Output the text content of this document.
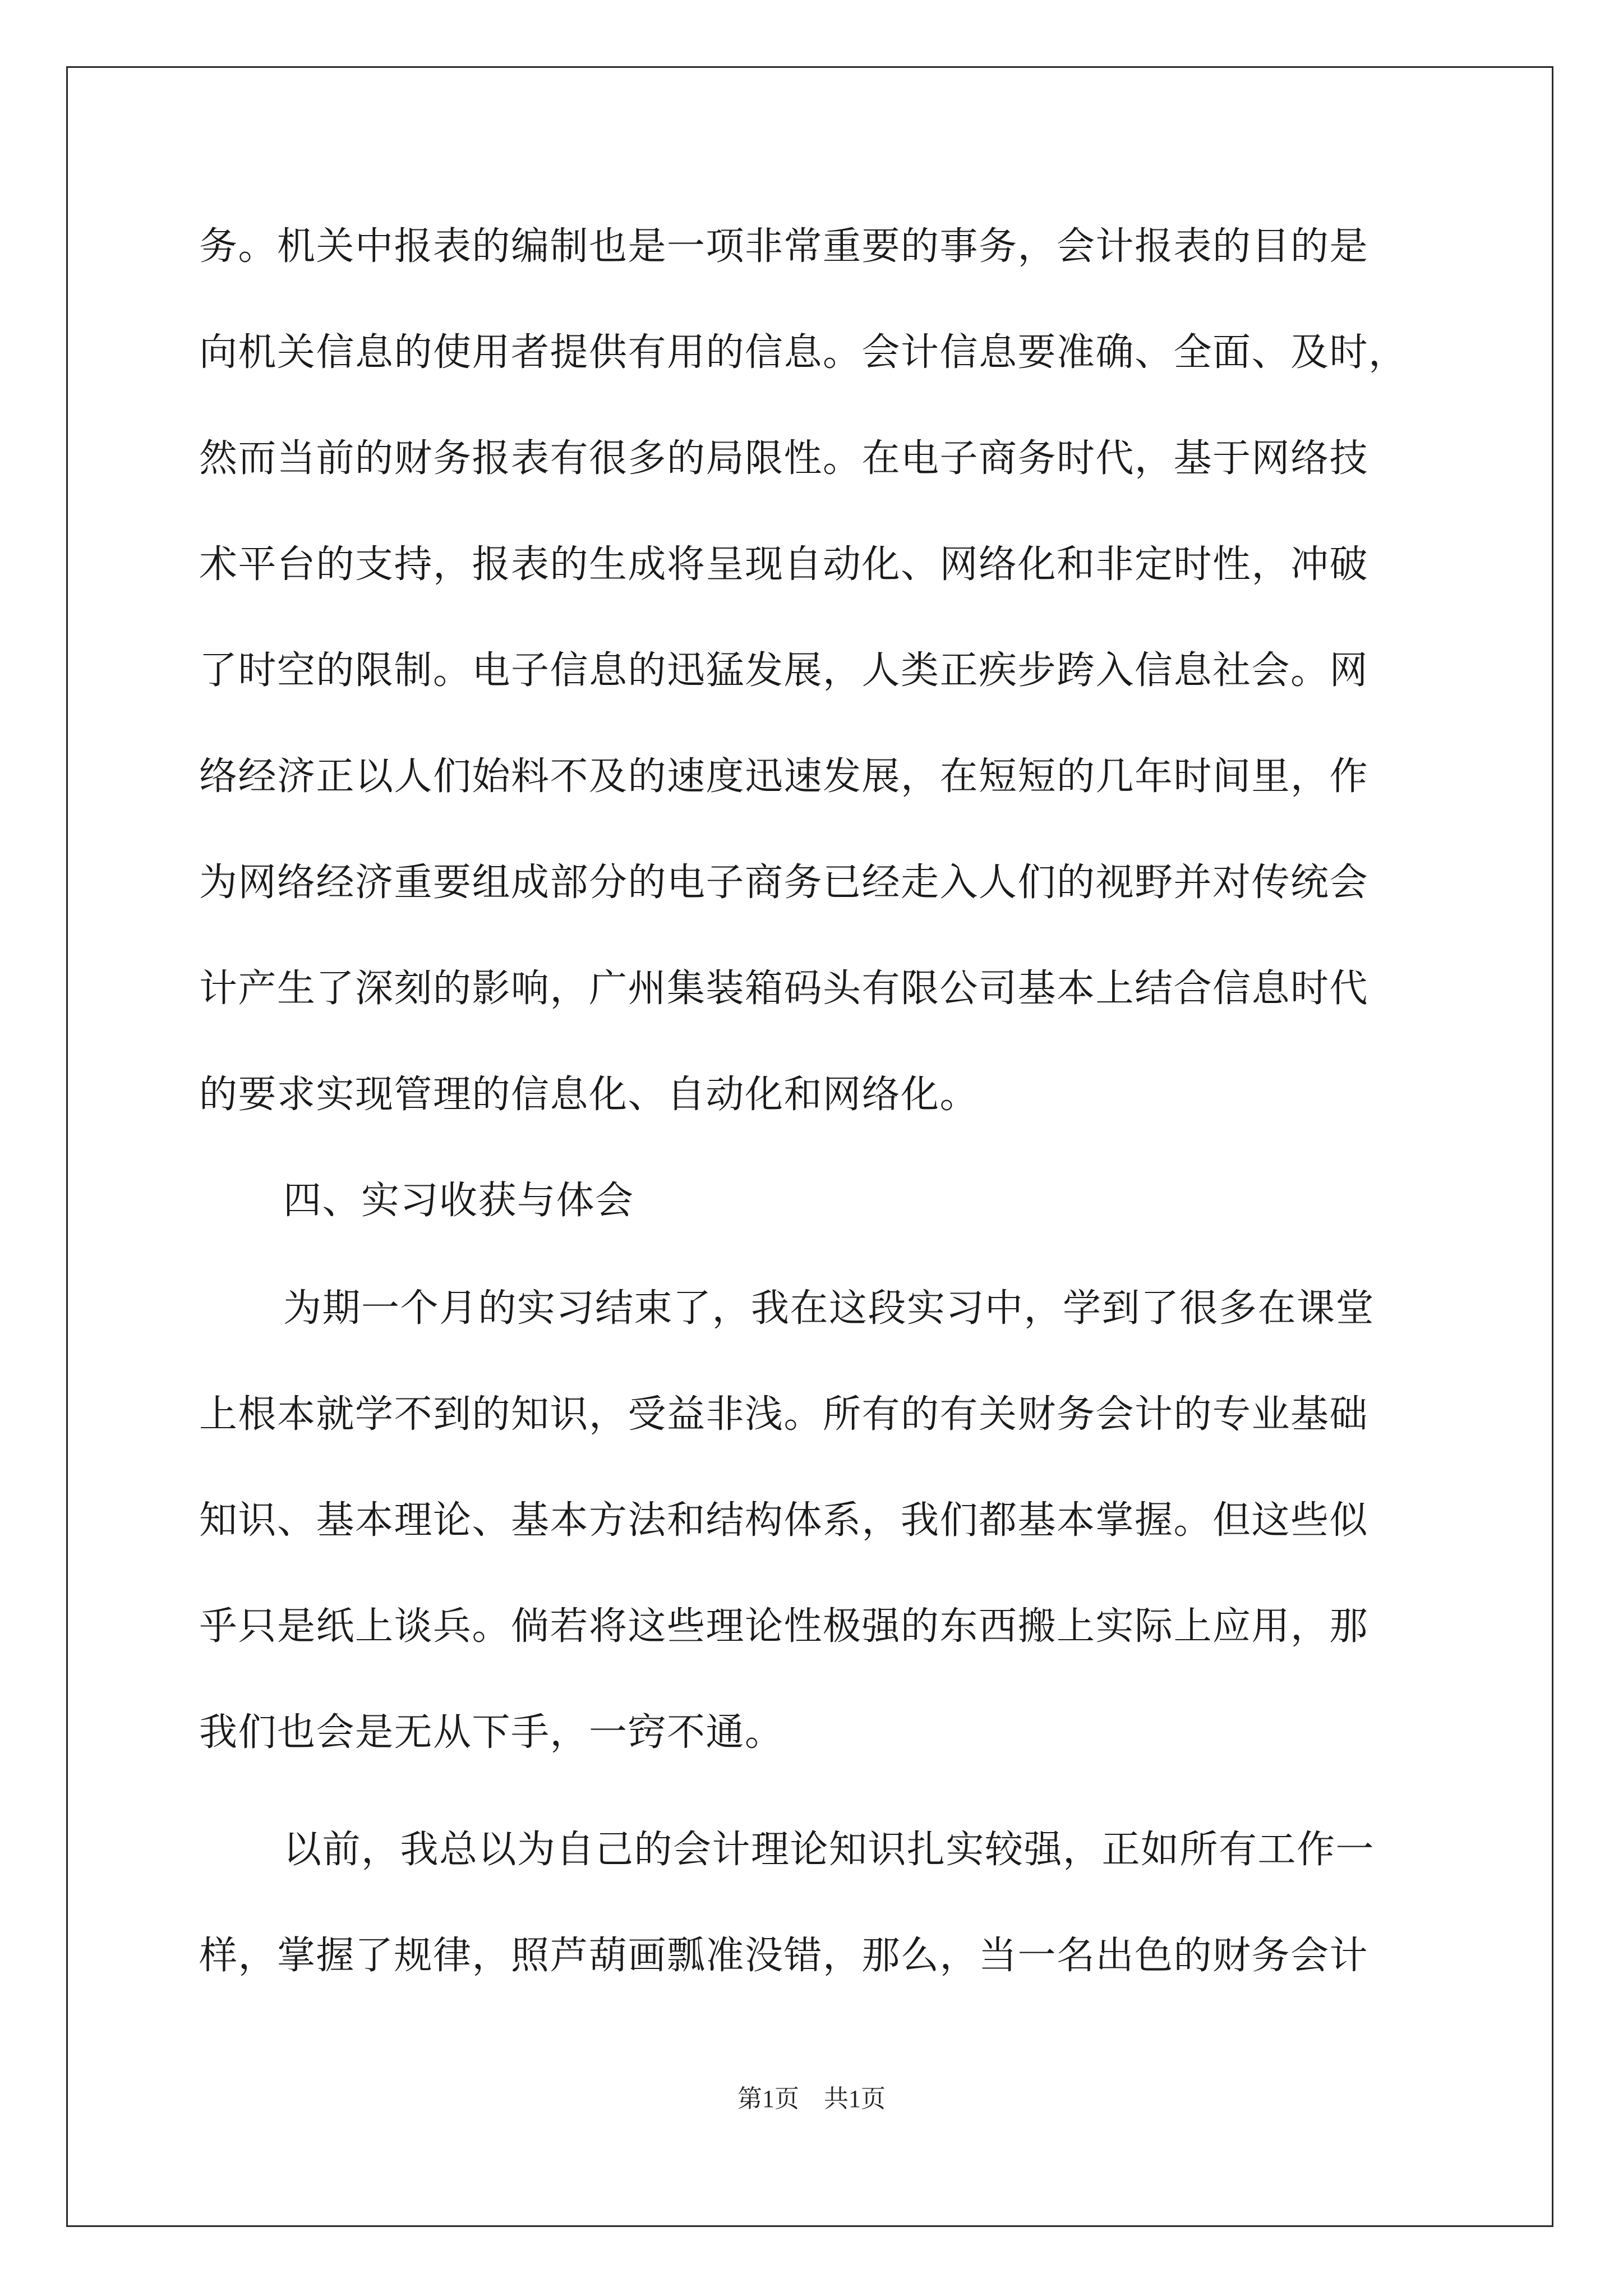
务。机关中报表的编制也是一项非常重要的事务，会计报表的目的是
向机关信息的使用者提供有用的信息。会计信息要准确、全面、及时，
然而当前的财务报表有很多的局限性。在电子商务时代，基于网络技
术平台的支持，报表的生成将呈现自动化、网络化和非定时性，冲破
了时空的限制。电子信息的迅猛发展，人类正疾步跨入信息社会。网
络经济正以人们始料不及的速度迅速发展，在短短的几年时间里，作
为网络经济重要组成部分的电子商务已经走入人们的视野并对传统会
计产生了深刻的影响，广州集装箱码头有限公司基本上结合信息时代
的要求实现管理的信息化、自动化和网络化。
四、实习收获与体会
为期一个月的实习结束了，我在这段实习中，学到了很多在课堂
上根本就学不到的知识，受益非浅。所有的有关财务会计的专业基础
知识、基本理论、基本方法和结构体系，我们都基本掌握。但这些似
乎只是纸上谈兵。倘若将这些理论性极强的东西搬上实际上应用，那
我们也会是无从下手，一窍不通。
以前，我总以为自己的会计理论知识扎实较强，正如所有工作一
样，掌握了规律，照芦葫画瓢准没错，那么，当一名出色的财务会计
第1页 共1页
